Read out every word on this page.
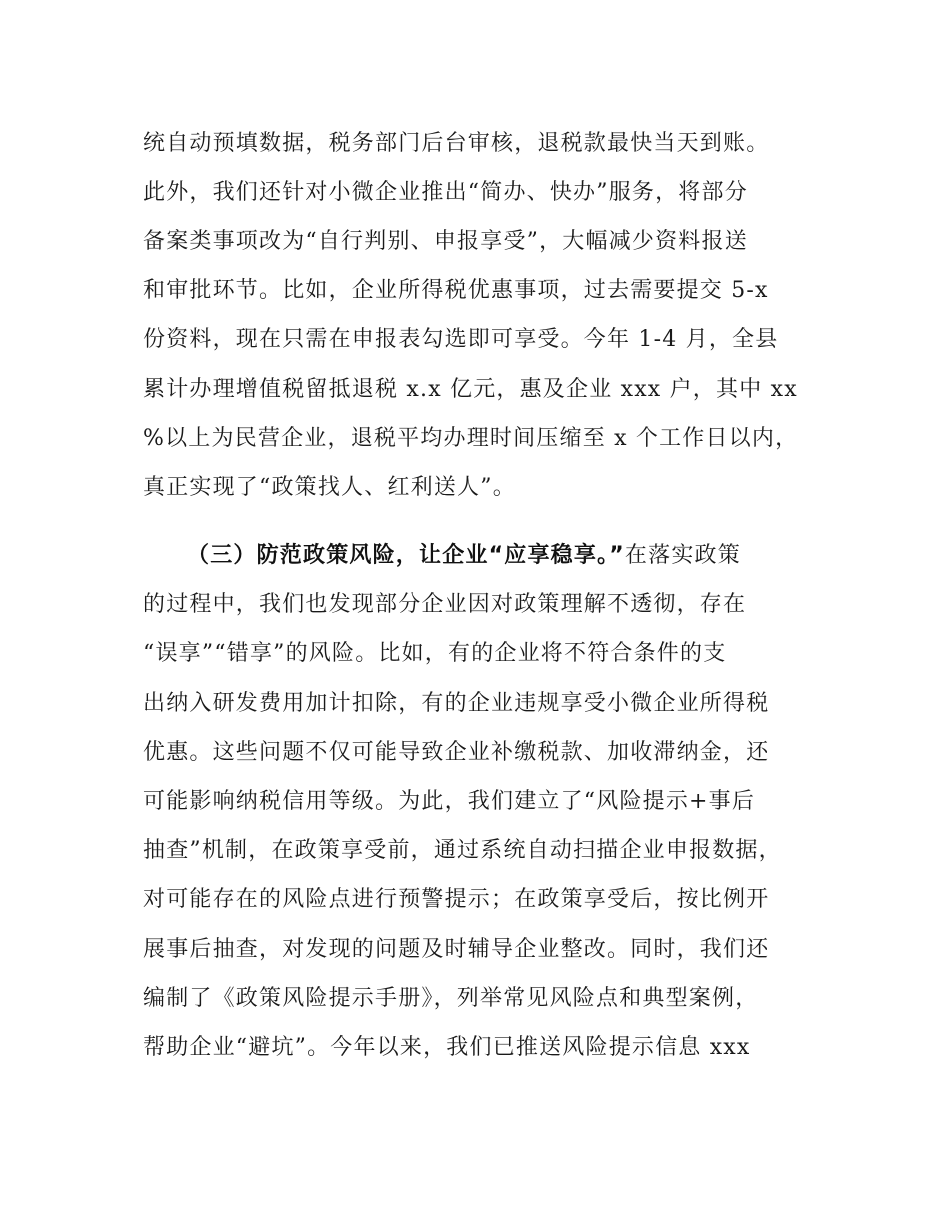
统自动预填数据，税务部门后台审核，退税款最快当天到账。
此外，我们还针对小微企业推出“简办、快办”服务，将部分
备案类事项改为“自行判别、申报享受”，大幅减少资料报送
和审批环节。比如，企业所得税优惠事项，过去需要提交 5-x
份资料，现在只需在申报表勾选即可享受。今年 1-4 月，全县
累计办理增值税留抵退税 x.x 亿元，惠及企业 xxx 户，其中 xx
%以上为民营企业，退税平均办理时间压缩至 x 个工作日以内，
真正实现了“政策找人、红利送人”。
（三）防范政策风险，让企业“应享稳享。”在落实政策
的过程中，我们也发现部分企业因对政策理解不透彻，存在
“误享”“错享”的风险。比如，有的企业将不符合条件的支
出纳入研发费用加计扣除，有的企业违规享受小微企业所得税
优惠。这些问题不仅可能导致企业补缴税款、加收滞纳金，还
可能影响纳税信用等级。为此，我们建立了“风险提示+事后
抽查”机制，在政策享受前，通过系统自动扫描企业申报数据，
对可能存在的风险点进行预警提示；在政策享受后，按比例开
展事后抽查，对发现的问题及时辅导企业整改。同时，我们还
编制了《政策风险提示手册》，列举常见风险点和典型案例，
帮助企业“避坑”。今年以来，我们已推送风险提示信息 xxx
